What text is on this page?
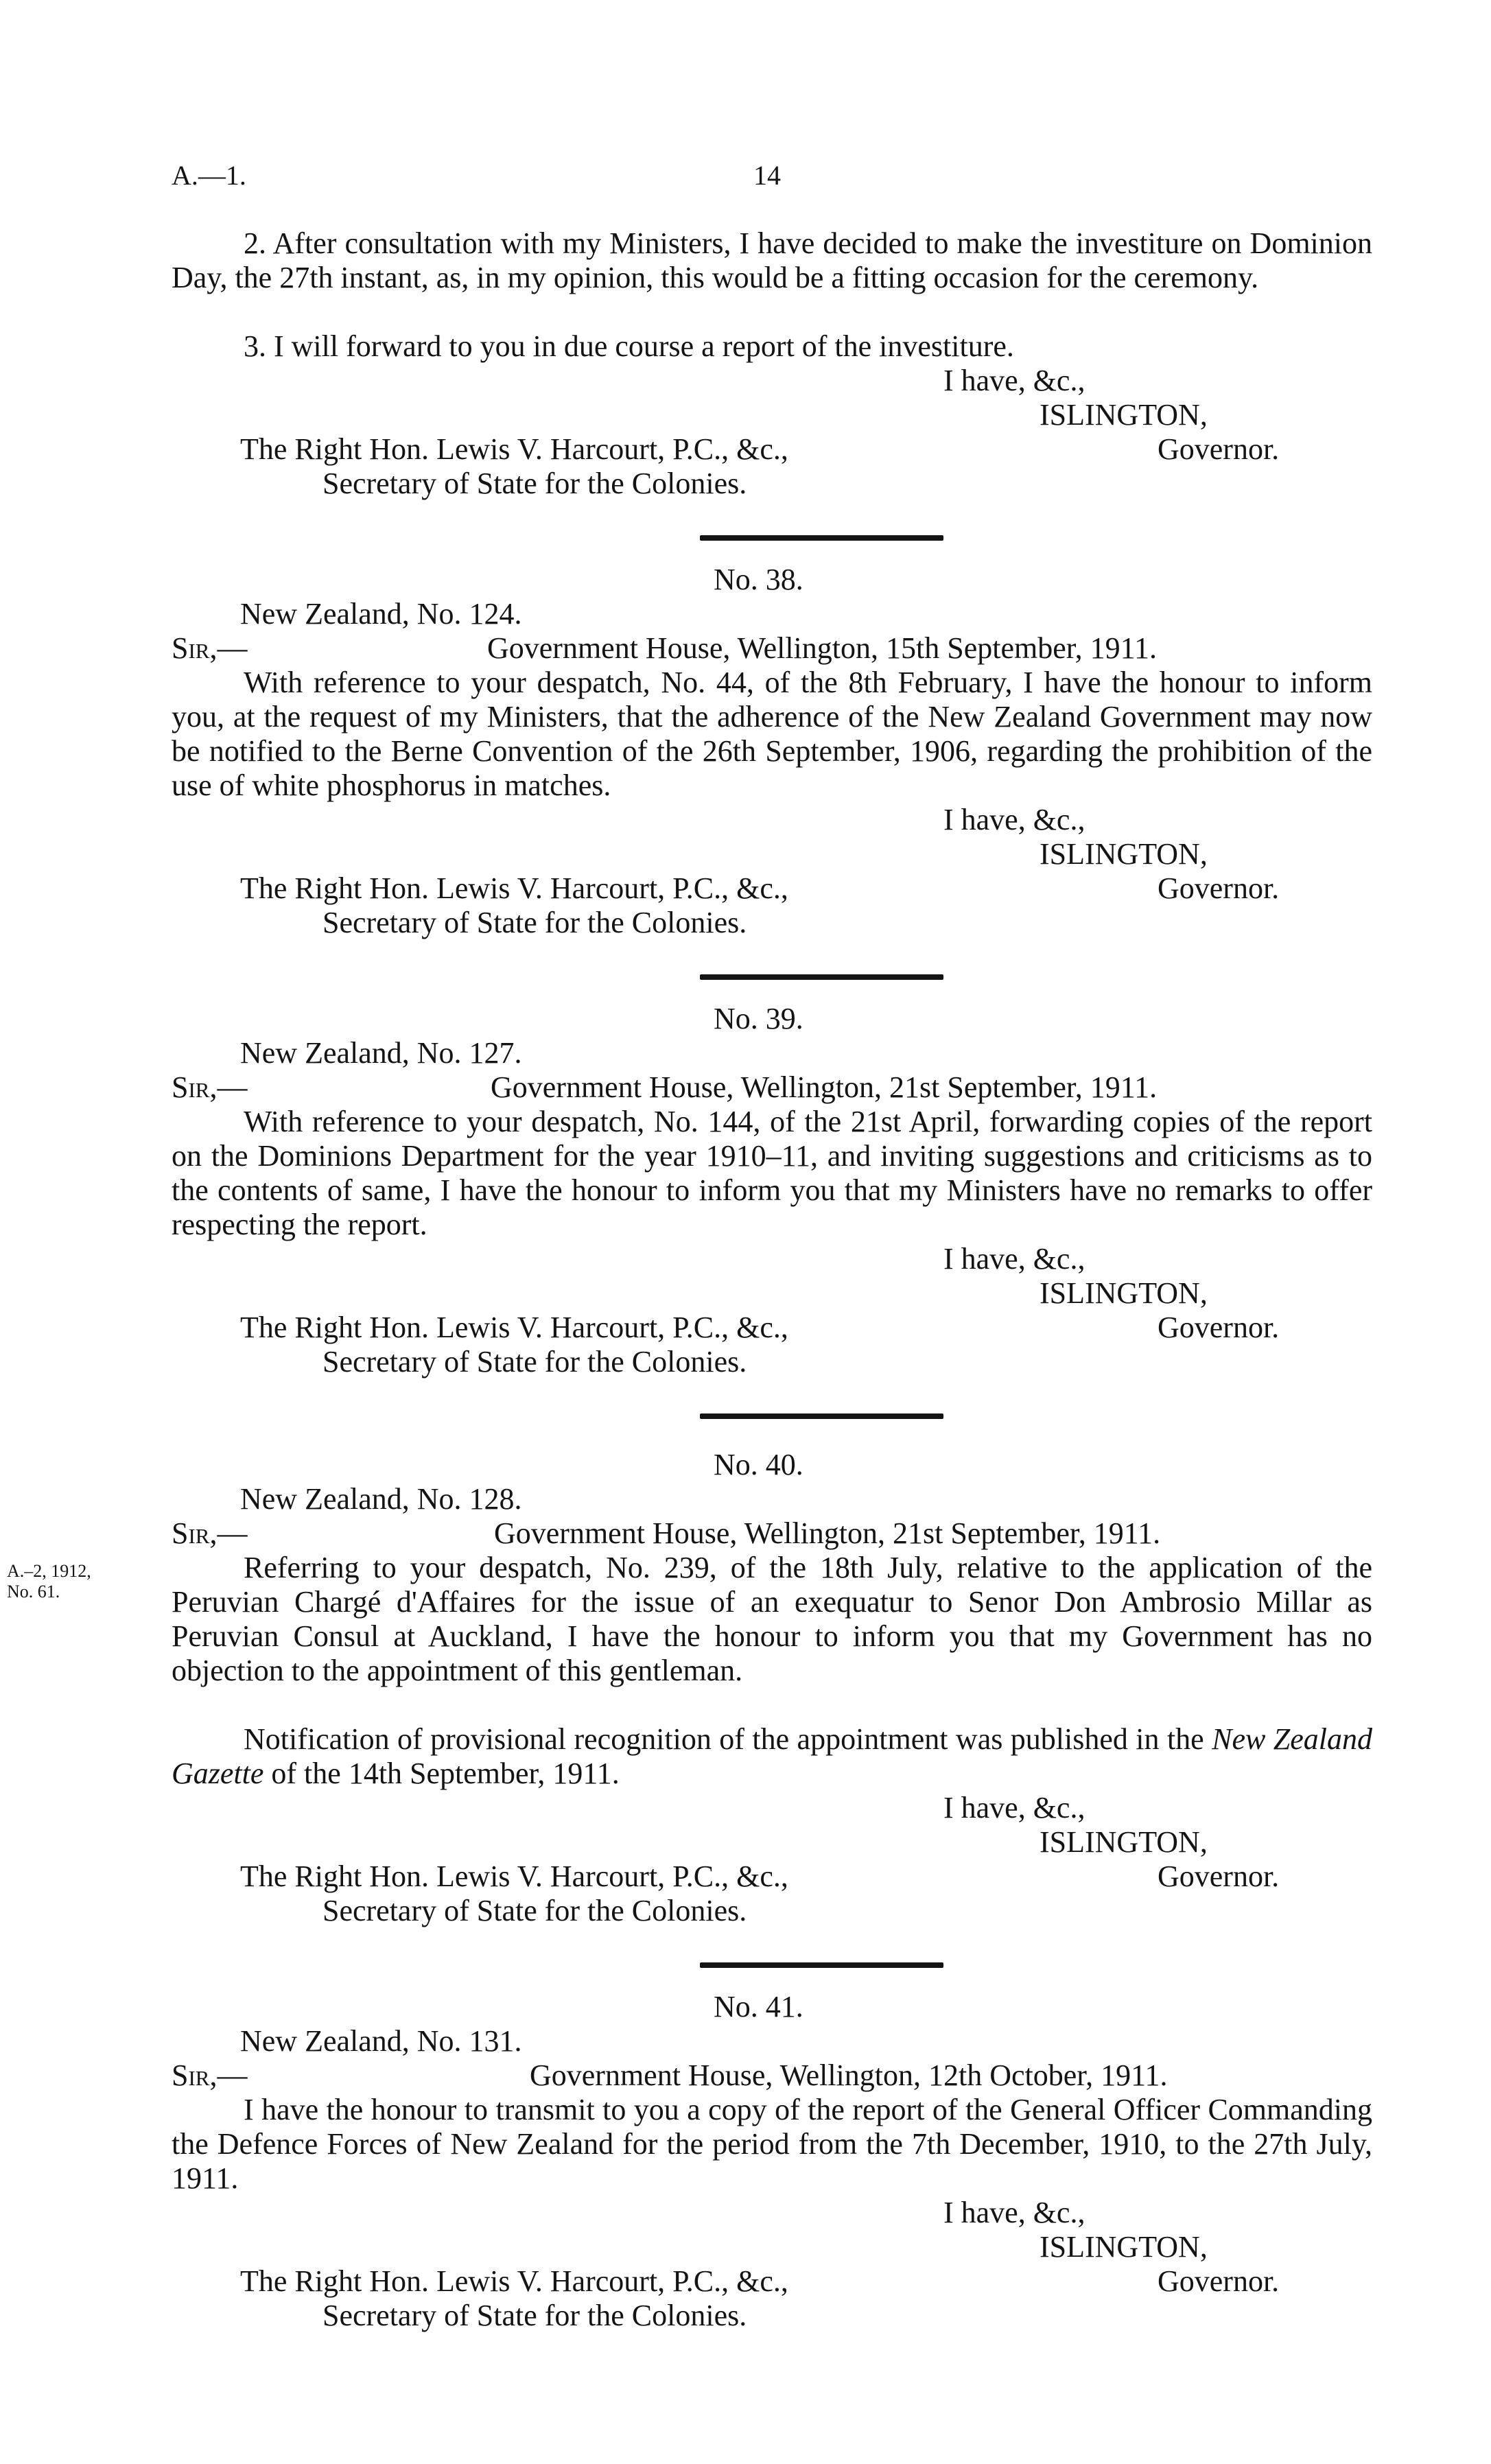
A.—1.	14
2. After consultation with my Ministers, I have decided to make the investiture on Dominion Day, the 27th instant, as, in my opinion, this would be a fitting occasion for the ceremony.
3. I will forward to you in due course a report of the investiture.
I have, &c.,
ISLINGTON,
The Right Hon. Lewis V. Harcourt, P.C., &c.,	Governor.
Secretary of State for the Colonies.
No. 38.
New Zealand, No. 124.
Sir,—	Government House, Wellington, 15th September, 1911.
With reference to your despatch, No. 44, of the 8th February, I have the honour to inform you, at the request of my Ministers, that the adherence of the New Zealand Government may now be notified to the Berne Convention of the 26th September, 1906, regarding the prohibition of the use of white phosphorus in matches.
I have, &c.,
ISLINGTON,
The Right Hon. Lewis V. Harcourt, P.C., &c.,	Governor.
Secretary of State for the Colonies.
No. 39.
New Zealand, No. 127.
Sir,—	Government House, Wellington, 21st September, 1911.
With reference to your despatch, No. 144, of the 21st April, forwarding copies of the report on the Dominions Department for the year 1910–11, and inviting suggestions and criticisms as to the contents of same, I have the honour to inform you that my Ministers have no remarks to offer respecting the report.
I have, &c.,
ISLINGTON,
The Right Hon. Lewis V. Harcourt, P.C., &c.,	Governor.
Secretary of State for the Colonies.
No. 40.
New Zealand, No. 128.
Sir,—	Government House, Wellington, 21st September, 1911.
A.–2, 1912,
No. 61.
Referring to your despatch, No. 239, of the 18th July, relative to the application of the Peruvian Chargé d'Affaires for the issue of an exequatur to Senor Don Ambrosio Millar as Peruvian Consul at Auckland, I have the honour to inform you that my Government has no objection to the appointment of this gentleman.
Notification of provisional recognition of the appointment was published in the New Zealand Gazette of the 14th September, 1911.
I have, &c.,
ISLINGTON,
The Right Hon. Lewis V. Harcourt, P.C., &c.,	Governor.
Secretary of State for the Colonies.
No. 41.
New Zealand, No. 131.
Sir,—	Government House, Wellington, 12th October, 1911.
I have the honour to transmit to you a copy of the report of the General Officer Commanding the Defence Forces of New Zealand for the period from the 7th December, 1910, to the 27th July, 1911.
I have, &c.,
ISLINGTON,
The Right Hon. Lewis V. Harcourt, P.C., &c.,	Governor.
Secretary of State for the Colonies.
